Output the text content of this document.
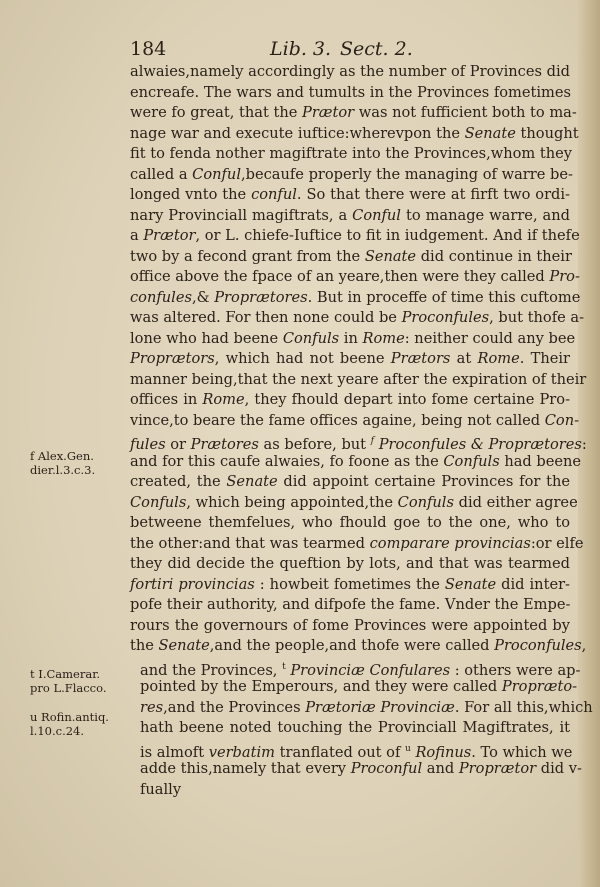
184	Lib. 3. Sect. 2.
alwaies,namely accordingly as the number of Provinces did
encreafe. The wars and tumults in the Provinces fometimes
were fo great, that the Prætor was not fufficient both to ma-
nage war and execute iuftice:wherevpon the Senate thought
fit to fenda nother magiftrate into the Provinces,whom they
called a Conful,becaufe properly the managing of warre be-
longed vnto the conful. So that there were at firft two ordi-
nary Provinciall magiftrats, a Conful to manage warre, and
a Prætor, or L. chiefe-Iuftice to fit in iudgement. And if thefe
two by a fecond grant from the Senate did continue in their
office above the fpace of an yeare,then were they called Pro-
confules,& Proprætores. But in proceffe of time this cuftome
was altered. For then none could be Proconfules, but thofe a-
lone who had beene Confuls in Rome: neither could any bee
Proprætors, which had not beene Prætors at Rome. Their
manner being,that the next yeare after the expiration of their
offices in Rome, they fhould depart into fome certaine Pro-
vince,to beare the fame offices againe, being not called Con-
fules or Prætores as before, but $^f$ Proconfules & Proprætores:
and for this caufe alwaies, fo foone as the Confuls had beene
created, the Senate did appoint certaine Provinces for the
Confuls, which being appointed,the Confuls did either agree
betweene themfelues, who fhould goe to the one, who to
the other:and that was tearmed comparare provincias:or elfe
they did decide the queftion by lots, and that was tearmed
fortiri provincias : howbeit fometimes the Senate did inter-
pofe their authority, and difpofe the fame. Vnder the Empe-
rours the governours of fome Provinces were appointed by
the Senate,and the people,and thofe were called Proconfules,
and the Provinces, $^t$ Provinciæ Confulares : others were ap-
pointed by the Emperours, and they were called Propræto-
res,and the Provinces Prætoriæ Provinciæ. For all this,which
hath beene noted touching the Provinciall Magiftrates, it
is almoft verbatim tranflated out of $^u$ Rofinus. To which we
adde this,namely that every Proconful and Proprætor did v-
fually
f Alex.Gen.
dier.l.3.c.3.
t I.Camerar.
pro L.Flacco.
u Rofin.antiq.
l.10.c.24.
